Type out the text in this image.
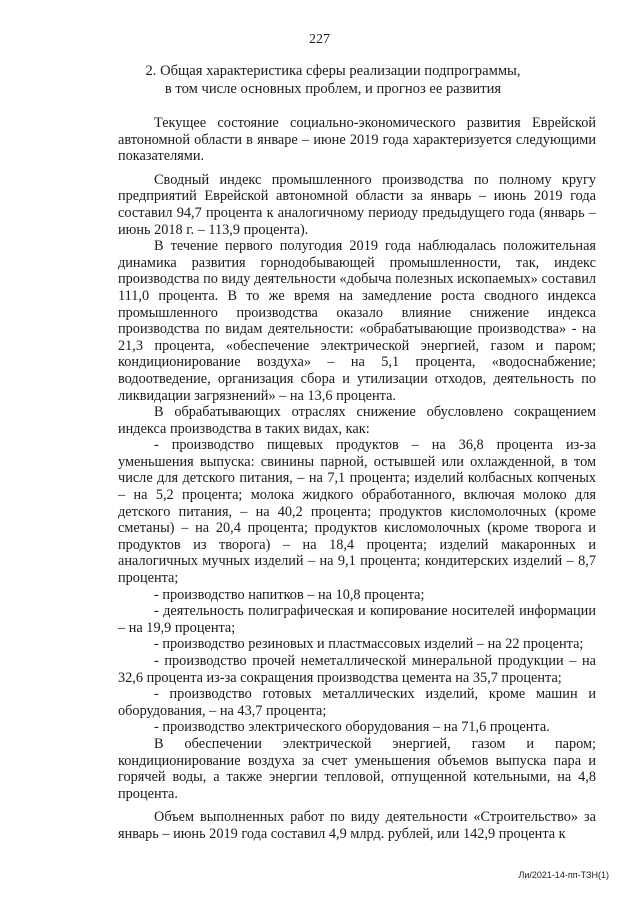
227
2. Общая характеристика сферы реализации подпрограммы,
в том числе основных проблем, и прогноз ее развития

Текущее состояние социально-экономического развития Еврейской автономной области в январе – июне 2019 года характеризуется следующими показателями.

Сводный индекс промышленного производства по полному кругу предприятий Еврейской автономной области за январь – июнь 2019 года составил 94,7 процента к аналогичному периоду предыдущего года (январь – июнь 2018 г. – 113,9 процента).

В течение первого полугодия 2019 года наблюдалась положительная динамика развития горнодобывающей промышленности, так, индекс производства по виду деятельности «добыча полезных ископаемых» составил 111,0 процента. В то же время на замедление роста сводного индекса промышленного производства оказало влияние снижение индекса производства по видам деятельности: «обрабатывающие производства» - на 21,3 процента, «обеспечение электрической энергией, газом и паром; кондиционирование воздуха» – на 5,1 процента, «водоснабжение; водоотведение, организация сбора и утилизации отходов, деятельность по ликвидации загрязнений» – на 13,6 процента.

В обрабатывающих отраслях снижение обусловлено сокращением индекса производства в таких видах, как:

- производство пищевых продуктов – на 36,8 процента из-за уменьшения выпуска: свинины парной, остывшей или охлажденной, в том числе для детского питания, – на 7,1 процента; изделий колбасных копченых – на 5,2 процента; молока жидкого обработанного, включая молоко для детского питания, – на 40,2 процента; продуктов кисломолочных (кроме сметаны) – на 20,4 процента; продуктов кисломолочных (кроме творога и продуктов из творога) – на 18,4 процента; изделий макаронных и аналогичных мучных изделий – на 9,1 процента; кондитерских изделий – 8,7 процента;

- производство напитков – на 10,8 процента;

- деятельность полиграфическая и копирование носителей информации – на 19,9 процента;

- производство резиновых и пластмассовых изделий – на 22 процента;

- производство прочей неметаллической минеральной продукции – на 32,6 процента из-за сокращения производства цемента на 35,7 процента;

- производство готовых металлических изделий, кроме машин и оборудования, – на 43,7 процента;

- производство электрического оборудования – на 71,6 процента.

В обеспечении электрической энергией, газом и паром; кондиционирование воздуха за счет уменьшения объемов выпуска пара и горячей воды, а также энергии тепловой, отпущенной котельными, на 4,8 процента.

Объем выполненных работ по виду деятельности «Строительство» за январь – июнь 2019 года составил 4,9 млрд. рублей, или 142,9 процента к

Ли/2021-14-пп-ТЗН(1)
